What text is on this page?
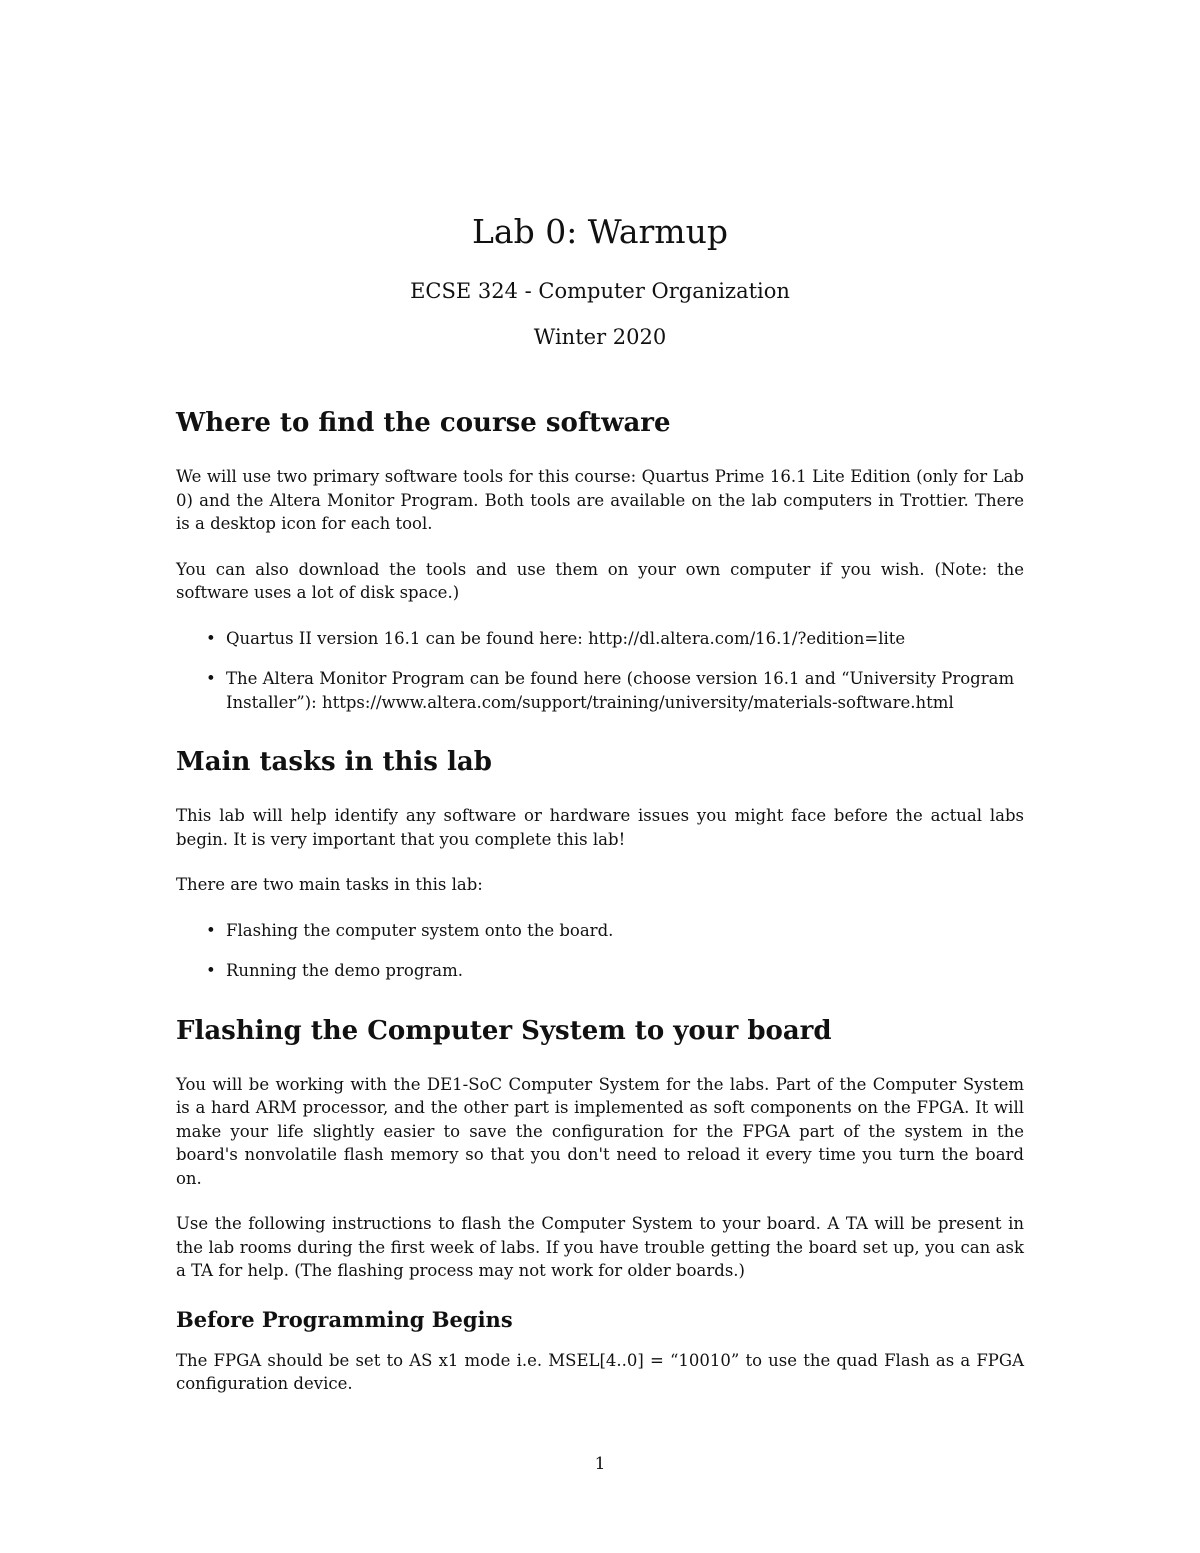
Lab 0: Warmup
ECSE 324 - Computer Organization
Winter 2020
Where to find the course software

We will use two primary software tools for this course: Quartus Prime 16.1 Lite Edition (only for Lab 0) and the Altera Monitor Program. Both tools are available on the lab computers in Trottier. There is a desktop icon for each tool.

You can also download the tools and use them on your own computer if you wish. (Note: the software uses a lot of disk space.)

• Quartus II version 16.1 can be found here: http://dl.altera.com/16.1/?edition=lite
• The Altera Monitor Program can be found here (choose version 16.1 and “University Program Installer”): https://www.altera.com/support/training/university/materials-software.html
Main tasks in this lab

This lab will help identify any software or hardware issues you might face before the actual labs begin. It is very important that you complete this lab!

There are two main tasks in this lab:

• Flashing the computer system onto the board.
• Running the demo program.
Flashing the Computer System to your board

You will be working with the DE1-SoC Computer System for the labs. Part of the Computer System is a hard ARM processor, and the other part is implemented as soft components on the FPGA. It will make your life slightly easier to save the configuration for the FPGA part of the system in the board's nonvolatile flash memory so that you don't need to reload it every time you turn the board on.

Use the following instructions to flash the Computer System to your board. A TA will be present in the lab rooms during the first week of labs. If you have trouble getting the board set up, you can ask a TA for help. (The flashing process may not work for older boards.)

Before Programming Begins

The FPGA should be set to AS x1 mode i.e. MSEL[4..0] = “10010” to use the quad Flash as a FPGA configuration device.

1
